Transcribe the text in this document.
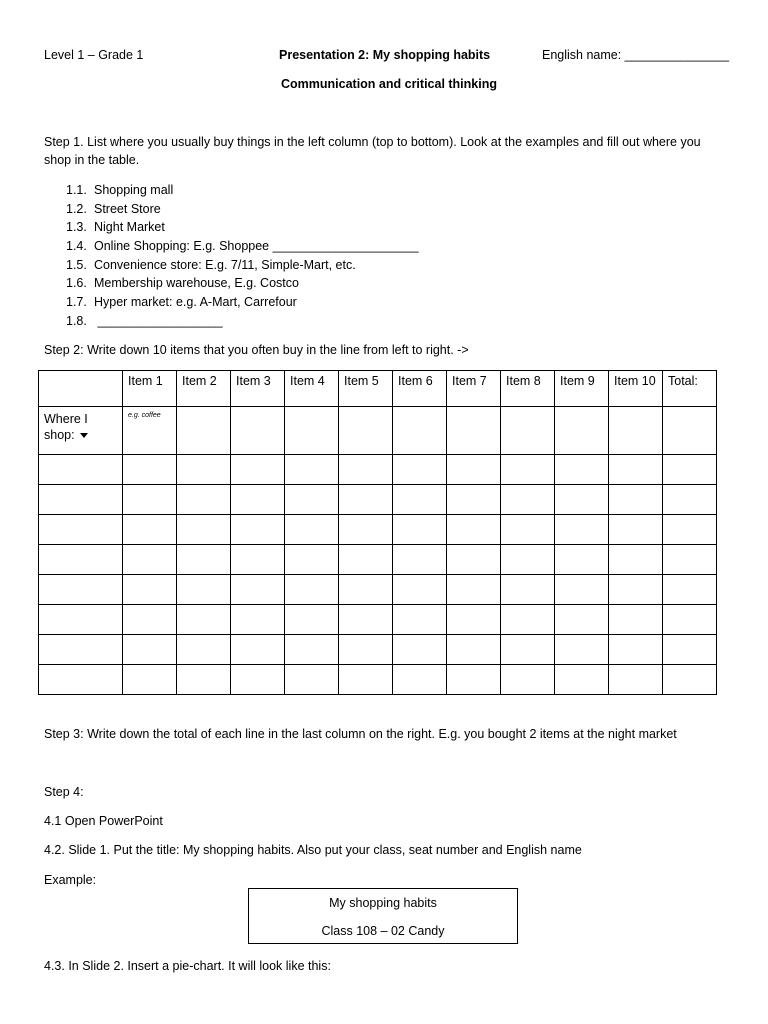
Level 1 – Grade 1	Presentation 2: My shopping habits	English name: _______________
Communication and critical thinking
Step 1. List where you usually buy things in the left column (top to bottom). Look at the examples and fill out where you
shop in the table.
1.1. Shopping mall
1.2. Street Store
1.3. Night Market
1.4. Online Shopping: E.g. Shoppee _____________________
1.5. Convenience store: E.g. 7/11, Simple-Mart, etc.
1.6. Membership warehouse, E.g. Costco
1.7. Hyper market: e.g. A-Mart, Carrefour
1.8. __________________
Step 2: Write down 10 items that you often buy in the line from left to right. ->
	Item 1	Item 2	Item 3	Item 4	Item 5	Item 6	Item 7	Item 8	Item 9	Item 10	Total:
Where I shop:	e.g. coffee										

Step 3: Write down the total of each line in the last column on the right. E.g. you bought 2 items at the night market
Step 4:
4.1 Open PowerPoint
4.2. Slide 1. Put the title: My shopping habits. Also put your class, seat number and English name
Example:
My shopping habits
Class 108 – 02 Candy
4.3. In Slide 2. Insert a pie-chart. It will look like this:
